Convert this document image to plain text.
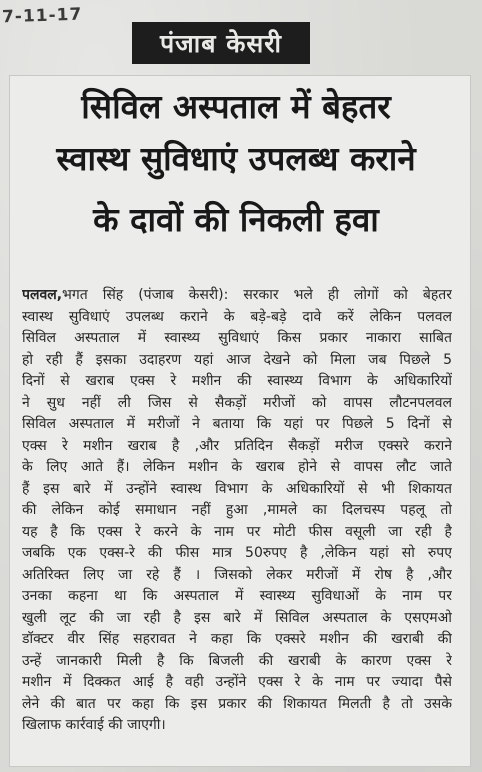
7-11-17
पंजाब केसरी
सिविल अस्पताल में बेहतर
स्वास्थ सुविधाएं उपलब्ध कराने
के दावों की निकली हवा
पलवल,भगत सिंह (पंजाब केसरी): सरकार भले ही लोगों को बेहतर
स्वास्थ सुविधाएं उपलब्ध कराने के बड़े-बड़े दावे करें लेकिन पलवल
सिविल अस्पताल में स्वास्थ्य सुविधाएं किस प्रकार नाकारा साबित
हो रही हैं इसका उदाहरण यहां आज देखने को मिला जब पिछले 5
दिनों से खराब एक्स रे मशीन की स्वास्थ्य विभाग के अधिकारियों
ने सुध नहीं ली जिस से सैकड़ों मरीजों को वापस लौटनपलवल
सिविल अस्पताल में मरीजों ने बताया कि यहां पर पिछले 5 दिनों से
एक्स रे मशीन खराब है ,और प्रतिदिन सैकड़ों मरीज एक्सरे कराने
के लिए आते हैं। लेकिन मशीन के खराब होने से वापस लौट जाते
हैं इस बारे में उन्होंने स्वास्थ विभाग के अधिकारियों से भी शिकायत
की लेकिन कोई समाधान नहीं हुआ ,मामले का दिलचस्प पहलू तो
यह है कि एक्स रे करने के नाम पर मोटी फीस वसूली जा रही है
जबकि एक एक्स-रे की फीस मात्र 50रुपए है ,लेकिन यहां सो रुपए
अतिरिक्त लिए जा रहे हैं । जिसको लेकर मरीजों में रोष है ,और
उनका कहना था कि अस्पताल में स्वास्थ्य सुविधाओं के नाम पर
खुली लूट की जा रही है इस बारे में सिविल अस्पताल के एसएमओ
डॉक्टर वीर सिंह सहरावत ने कहा कि एक्सरे मशीन की खराबी की
उन्हें जानकारी मिली है कि बिजली की खराबी के कारण एक्स रे
मशीन में दिक्कत आई है वही उन्होंने एक्स रे के नाम पर ज्यादा पैसे
लेने की बात पर कहा कि इस प्रकार की शिकायत मिलती है तो उसके
खिलाफ कार्रवाई की जाएगी।
